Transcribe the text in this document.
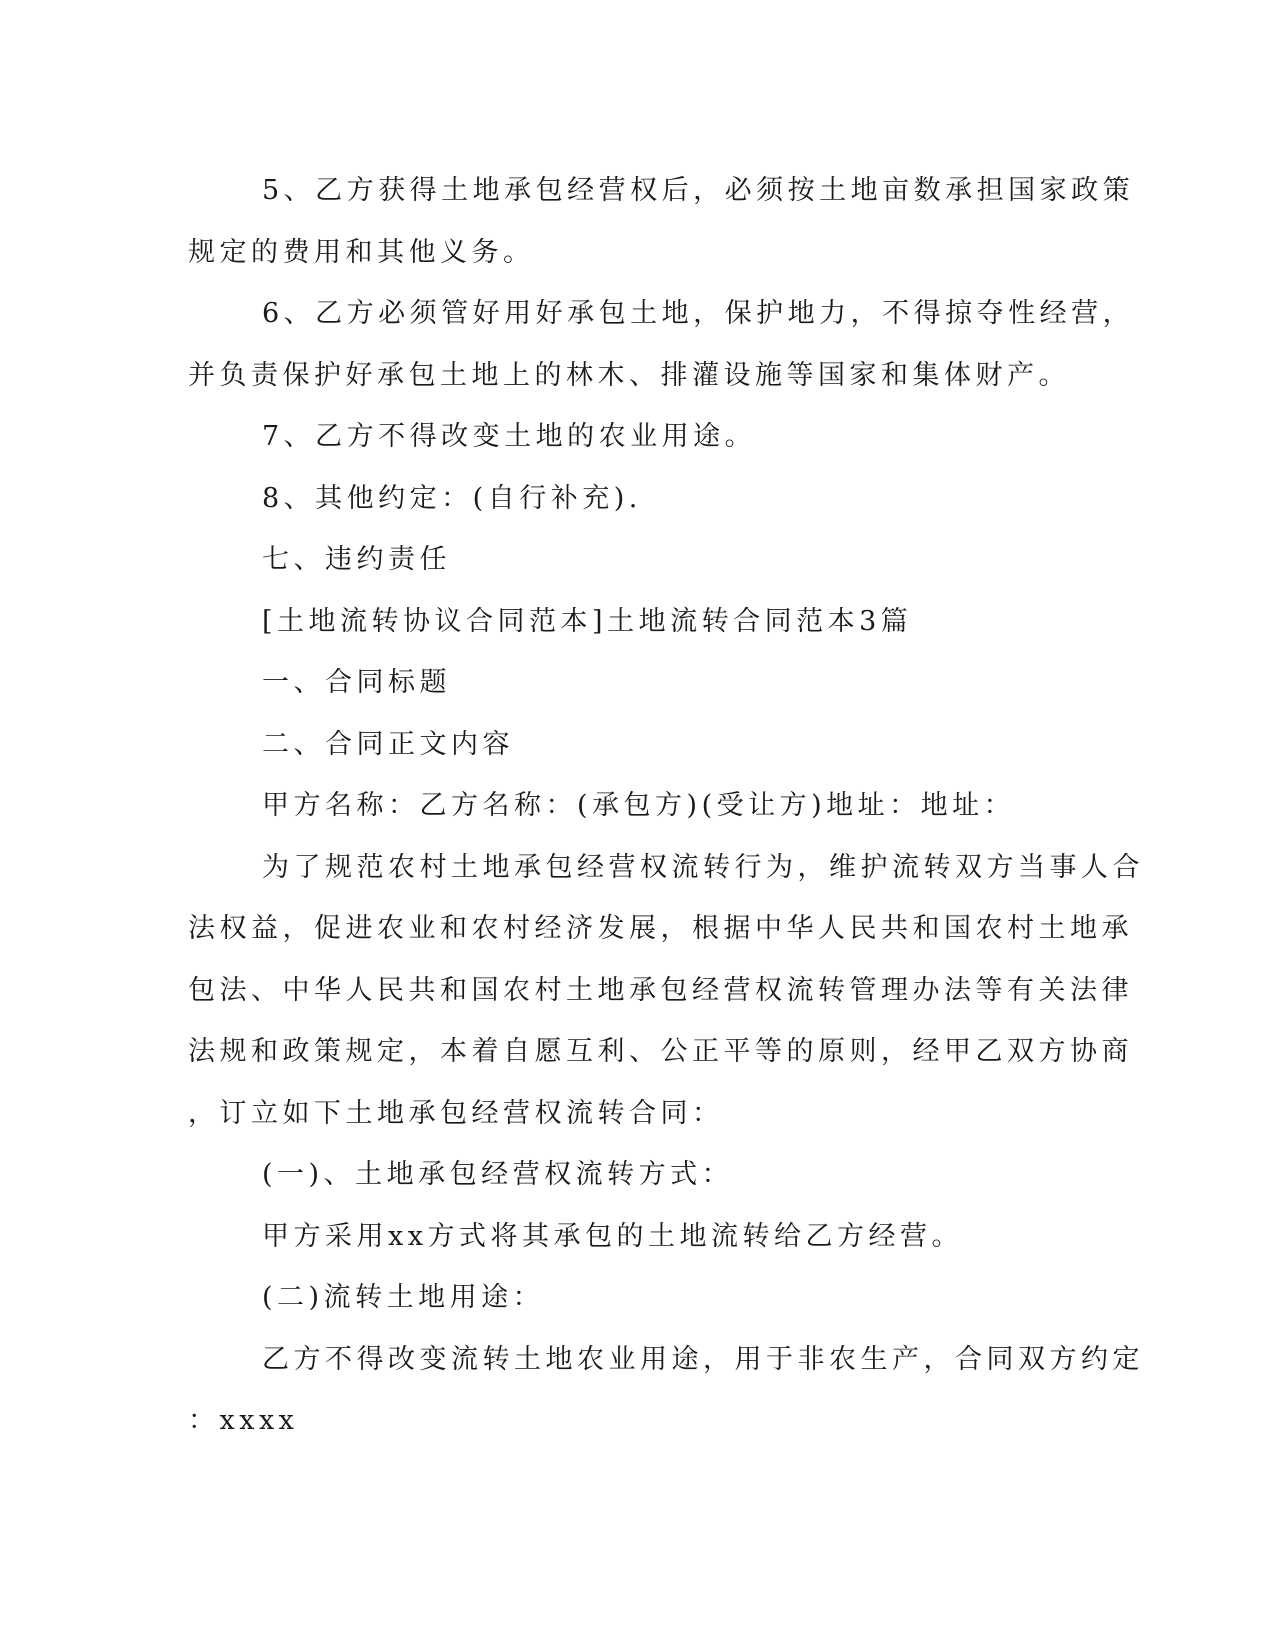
5、乙方获得土地承包经营权后，必须按土地亩数承担国家政策
规定的费用和其他义务。
6、乙方必须管好用好承包土地，保护地力，不得掠夺性经营，
并负责保护好承包土地上的林木、排灌设施等国家和集体财产。
7、乙方不得改变土地的农业用途。
8、其他约定：(自行补充).
七、违约责任
[土地流转协议合同范本]土地流转合同范本3篇
一、合同标题
二、合同正文内容
甲方名称：乙方名称：(承包方)(受让方)地址：地址：
为了规范农村土地承包经营权流转行为，维护流转双方当事人合
法权益，促进农业和农村经济发展，根据中华人民共和国农村土地承
包法、中华人民共和国农村土地承包经营权流转管理办法等有关法律
法规和政策规定，本着自愿互利、公正平等的原则，经甲乙双方协商
，订立如下土地承包经营权流转合同：
(一)、土地承包经营权流转方式：
甲方采用xx方式将其承包的土地流转给乙方经营。
(二)流转土地用途：
乙方不得改变流转土地农业用途，用于非农生产，合同双方约定
：xxxx
